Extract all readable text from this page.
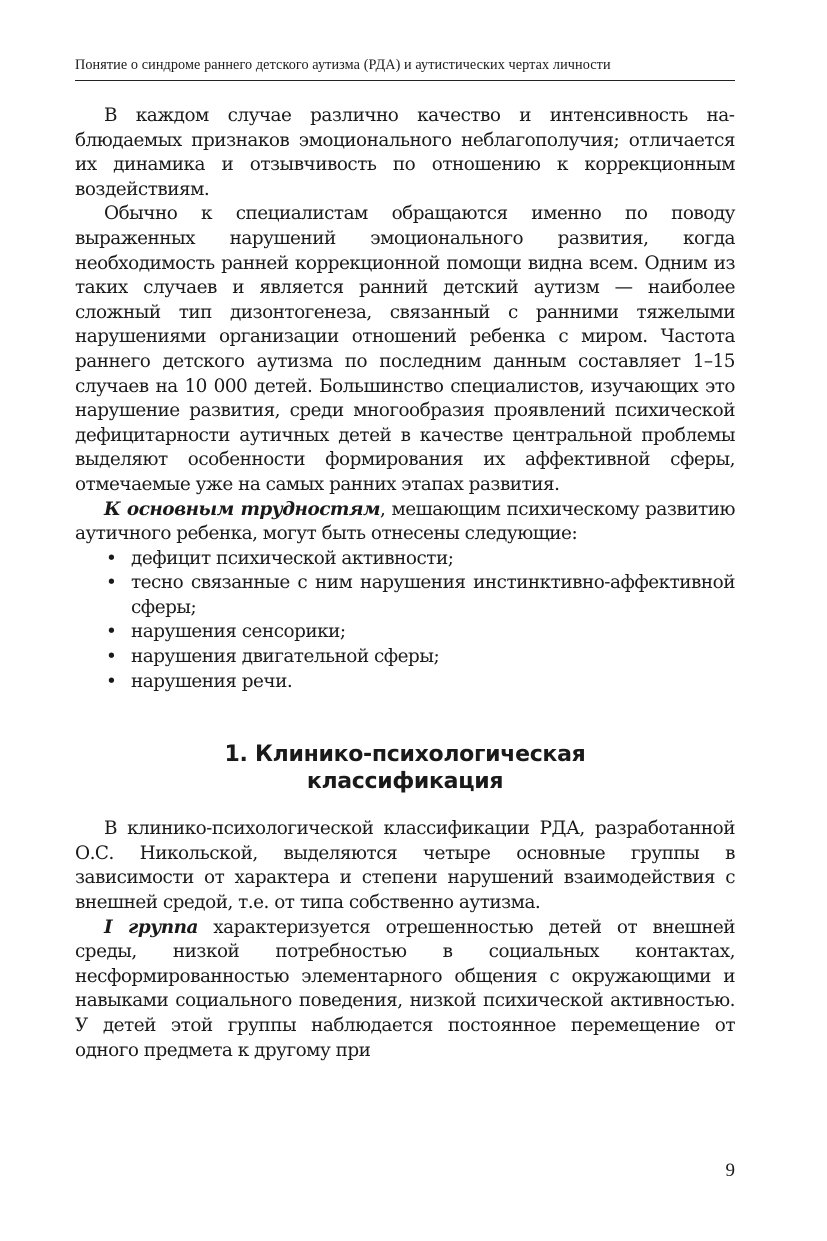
Понятие о синдроме раннего детского аутизма (РДА) и аутистических чертах личности

В каждом случае различно качество и интенсивность наблюдаемых признаков эмоционального неблагополучия; отличается их динамика и отзывчивость по отношению к коррекционным воздействиям.

Обычно к специалистам обращаются именно по поводу выраженных нарушений эмоционального развития, когда необходимость ранней коррекционной помощи видна всем. Одним из таких случаев и является ранний детский аутизм — наиболее сложный тип дизонтогенеза, связанный с ранними тяжелыми нарушениями организации отношений ребенка с миром. Частота раннего детского аутизма по последним данным составляет 1–15 случаев на 10 000 детей. Большинство специалистов, изучающих это нарушение развития, среди многообразия проявлений психической дефицитарности аутичных детей в качестве центральной проблемы выделяют особенности формирования их аффективной сферы, отмечаемые уже на самых ранних этапах развития.

К основным трудностям, мешающим психическому развитию аутичного ребенка, могут быть отнесены следующие:

• дефицит психической активности;
• тесно связанные с ним нарушения инстинктивно-аффективной сферы;
• нарушения сенсорики;
• нарушения двигательной сферы;
• нарушения речи.
1. Клинико-психологическая
классификация

В клинико-психологической классификации РДА, разработанной О.С. Никольской, выделяются четыре основные группы в зависимости от характера и степени нарушений взаимодействия с внешней средой, т.е. от типа собственно аутизма.

I группа характеризуется отрешенностью детей от внешней среды, низкой потребностью в социальных контактах, несформированностью элементарного общения с окружающими и навыками социального поведения, низкой психической активностью. У детей этой группы наблюдается постоянное перемещение от одного предмета к другому при

9
